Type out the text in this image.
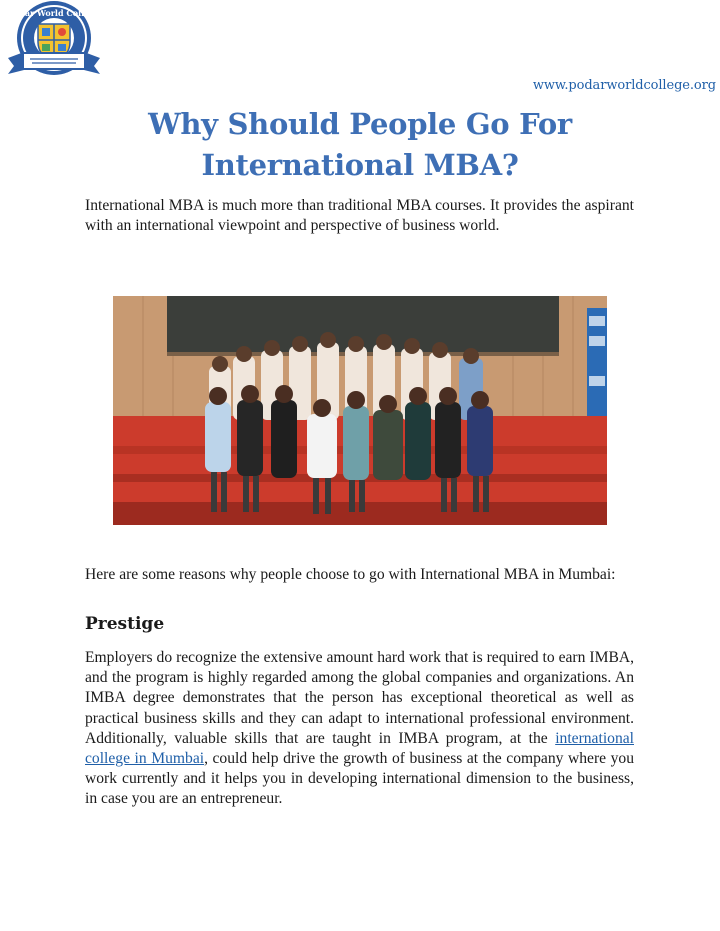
Podar World College
www.podarworldcollege.org
Why Should People Go For
International MBA?

International MBA is much more than traditional MBA courses. It provides the aspirant with an international viewpoint and perspective of business world.

Here are some reasons why people choose to go with International MBA in Mumbai:

Prestige

Employers do recognize the extensive amount hard work that is required to earn IMBA, and the program is highly regarded among the global companies and organizations. An IMBA degree demonstrates that the person has exceptional theoretical as well as practical business skills and they can adapt to international professional environment. Additionally, valuable skills that are taught in IMBA program, at the international college in Mumbai, could help drive the growth of business at the company where you work currently and it helps you in developing international dimension to the business, in case you are an entrepreneur.
